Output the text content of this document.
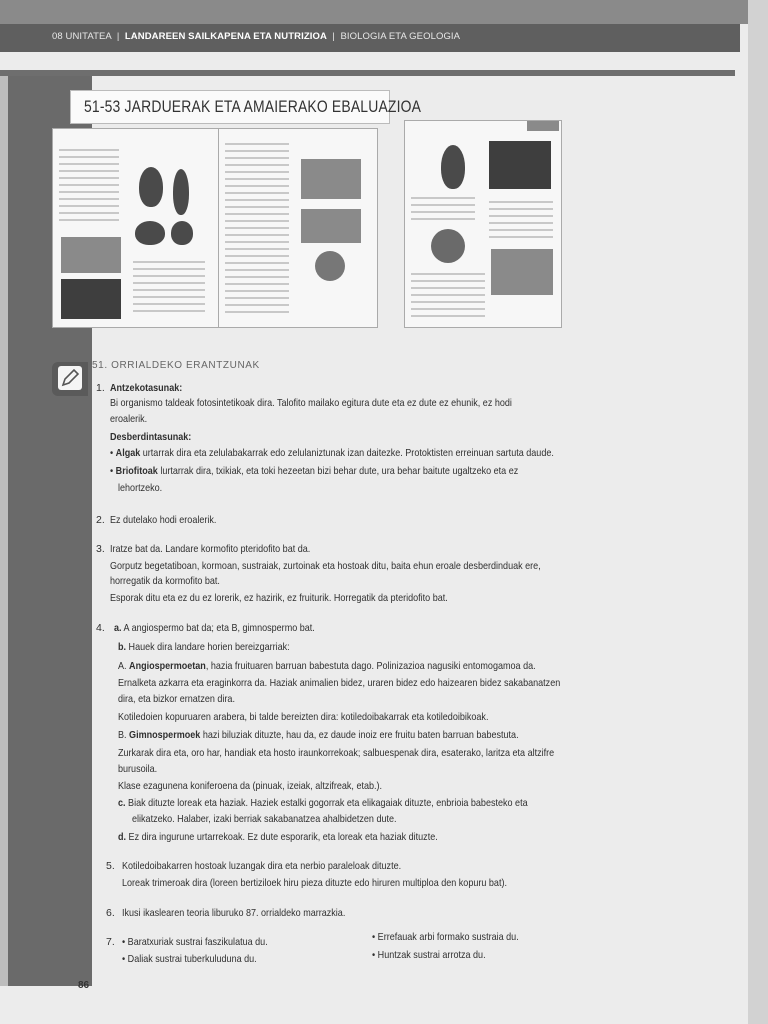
08 UNITATEA  |  LANDAREEN SAILKAPENA ETA NUTRIZIOA  |  BIOLOGIA ETA GEOLOGIA
51-53 JARDUERAK ETA AMAIERAKO EBALUAZIOA
51. ORRIALDEKO ERANTZUNAK
1. Antzekotasunak:
Bi organismo taldeak fotosintetikoak dira. Talofito mailako egitura dute eta ez dute ez ehunik, ez hodi
eroalerik.
Desberdintasunak:
• Algak urtarrak dira eta zelulabakarrak edo zelulaniztunak izan daitezke. Protoktisten erreinuan sartuta daude.
• Briofitoak lurtarrak dira, txikiak, eta toki hezeetan bizi behar dute, ura behar baitute ugaltzeko eta ez
lehortzeko.
2. Ez dutelako hodi eroalerik.
3. Iratze bat da. Landare kormofito pteridofito bat da.
Gorputz begetatiboan, kormoan, sustraiak, zurtoinak eta hostoak ditu, baita ehun eroale desberdinduak ere,
horregatik da kormofito bat.
Esporak ditu eta ez du ez lorerik, ez hazirik, ez fruiturik. Horregatik da pteridofito bat.
4. a. A angiospermo bat da; eta B, gimnospermo bat.
b. Hauek dira landare horien bereizgarriak:
A. Angiospermoetan, hazia fruituaren barruan babestuta dago. Polinizazioa nagusiki entomogamoa da.
Ernalketa azkarra eta eraginkorra da. Haziak animalien bidez, uraren bidez edo haizearen bidez sakabanatzen
dira, eta bizkor ernatzen dira.
Kotiledoien kopuruaren arabera, bi talde bereizten dira: kotiledoibakarrak eta kotiledoibikoak.
B. Gimnospermoek hazi biluziak dituzte, hau da, ez daude inoiz ere fruitu baten barruan babestuta.
Zurkarak dira eta, oro har, handiak eta hosto iraunkorrekoak; salbuespenak dira, esaterako, laritza eta altzifre
burusoila.
Klase ezagunena koniferoena da (pinuak, izeiak, altzifreak, etab.).
c. Biak dituzte loreak eta haziak. Haziek estalki gogorrak eta elikagaiak dituzte, enbrioia babesteko eta
elikatzeko. Halaber, izaki berriak sakabanatzea ahalbidetzen dute.
d. Ez dira ingurune urtarrekoak. Ez dute esporarik, eta loreak eta haziak dituzte.
5. Kotiledoibakarren hostoak luzangak dira eta nerbio paraleloak dituzte.
Loreak trimeroak dira (loreen bertizilоek hiru pieza dituzte edo hiruren multiploa den kopuru bat).
6. Ikusi ikaslearen teoria liburuko 87. orrialdeko marrazkia.
7. • Baratxuriak sustrai faszikulatua du.
• Daliak sustrai tuberkuluduna du.
• Errefauak arbi formako sustraia du.
• Huntzak sustrai arrotza du.
86
